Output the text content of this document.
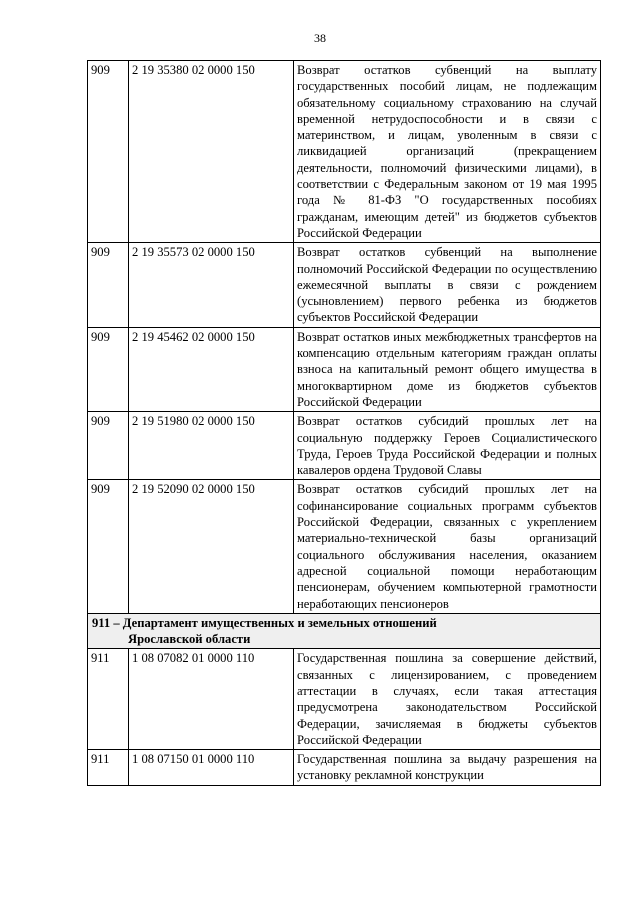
38
909	2 19 35380 02 0000 150	Возврат остатков субвенций на выплату государственных пособий лицам, не подлежащим обязательному социальному страхованию на случай временной нетрудоспособности и в связи с материнством, и лицам, уволенным в связи с ликвидацией организаций (прекращением деятельности, полномочий физическими лицами), в соответствии с Федеральным законом от 19 мая 1995 года № 81-ФЗ "О государственных пособиях гражданам, имеющим детей" из бюджетов субъектов Российской Федерации
909	2 19 35573 02 0000 150	Возврат остатков субвенций на выполнение полномочий Российской Федерации по осуществлению ежемесячной выплаты в связи с рождением (усыновлением) первого ребенка из бюджетов субъектов Российской Федерации
909	2 19 45462 02 0000 150	Возврат остатков иных межбюджетных трансфертов на компенсацию отдельным категориям граждан оплаты взноса на капитальный ремонт общего имущества в многоквартирном доме из бюджетов субъектов Российской Федерации
909	2 19 51980 02 0000 150	Возврат остатков субсидий прошлых лет на социальную поддержку Героев Социалистического Труда, Героев Труда Российской Федерации и полных кавалеров ордена Трудовой Славы
909	2 19 52090 02 0000 150	Возврат остатков субсидий прошлых лет на софинансирование социальных программ субъектов Российской Федерации, связанных с укреплением материально-технической базы организаций социального обслуживания населения, оказанием адресной социальной помощи неработающим пенсионерам, обучением компьютерной грамотности неработающих пенсионеров

911 – Департамент имущественных и земельных отношений
Ярославской области		

911	1 08 07082 01 0000 110	Государственная пошлина за совершение действий, связанных с лицензированием, с проведением аттестации в случаях, если такая аттестация предусмотрена законодательством Российской Федерации, зачисляемая в бюджеты субъектов Российской Федерации
911	1 08 07150 01 0000 110	Государственная пошлина за выдачу разрешения на установку рекламной конструкции
